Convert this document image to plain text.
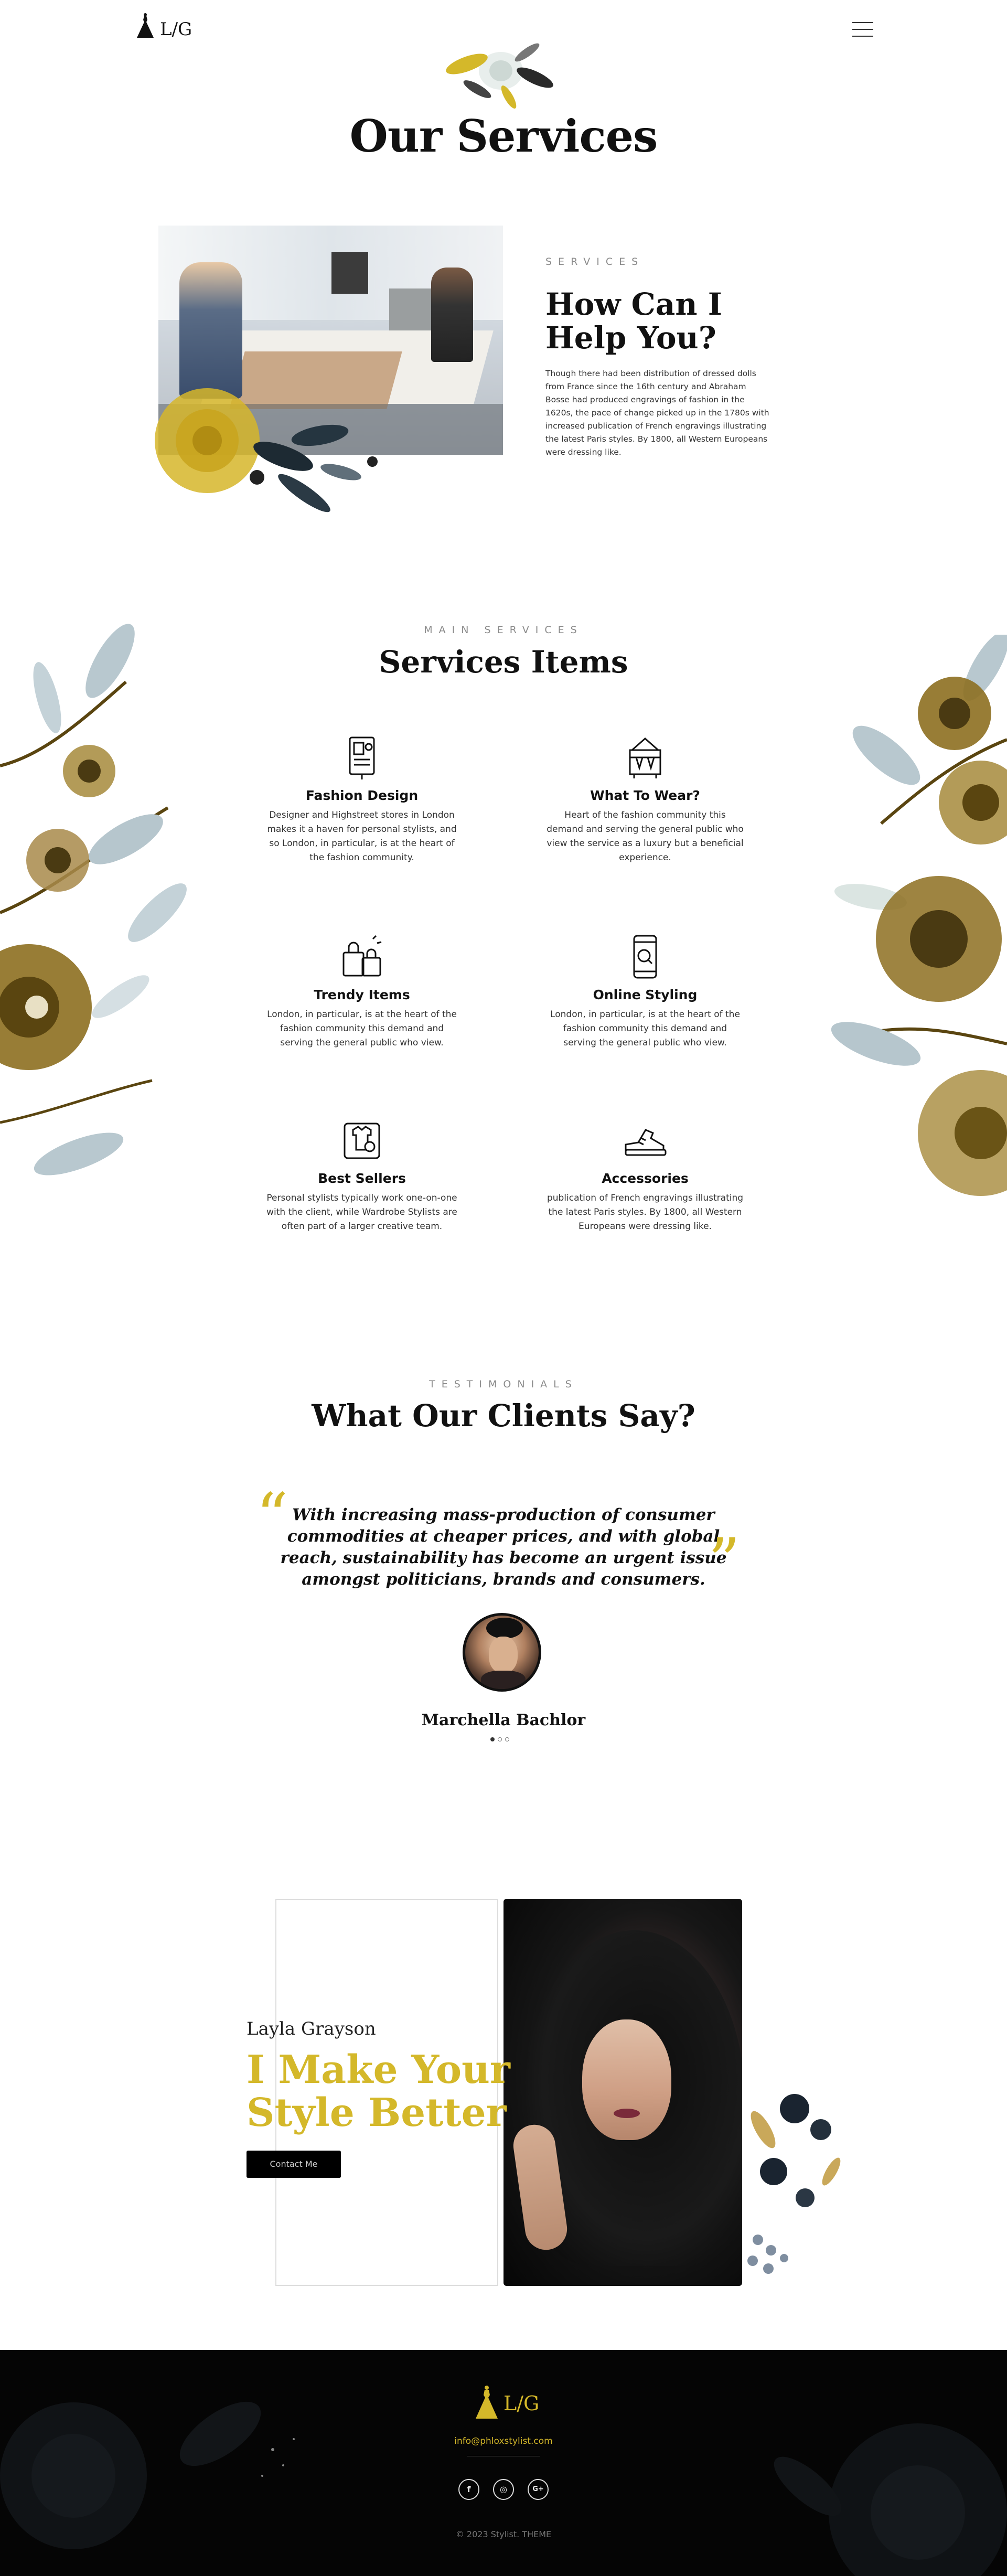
L/G
Our Services
SERVICES
How Can I
Help You?
Though there had been distribution of dressed dolls from France since the 16th century and Abraham Bosse had produced engravings of fashion in the 1620s, the pace of change picked up in the 1780s with increased publication of French engravings illustrating the latest Paris styles. By 1800, all Western Europeans were dressing like.
MAIN SERVICES
Services Items
Fashion Design

Designer and Highstreet stores in London makes it a haven for personal stylists, and so London, in particular, is at the heart of the fashion community.

What To Wear?

Heart of the fashion community this demand and serving the general public who view the service as a luxury but a beneficial experience.

Trendy Items

London, in particular, is at the heart of the fashion community this demand and serving the general public who view.

Online Styling

London, in particular, is at the heart of the fashion community this demand and serving the general public who view.

Best Sellers

Personal stylists typically work one-on-one with the client, while Wardrobe Stylists are often part of a larger creative team.

Accessories

publication of French engravings illustrating the latest Paris styles. By 1800, all Western Europeans were dressing like.

TESTIMONIALS
What Our Clients Say?
“ With increasing mass-production of consumer commodities at cheaper prices, and with global reach, sustainability has become an urgent issue amongst politicians, brands and consumers. ”
Marchella Bachlor
Layla Grayson
I Make Your
Style Better
Contact Me
L/G
info@phloxstylist.com
f	◎	G+
© 2023 Stylist. THEME
